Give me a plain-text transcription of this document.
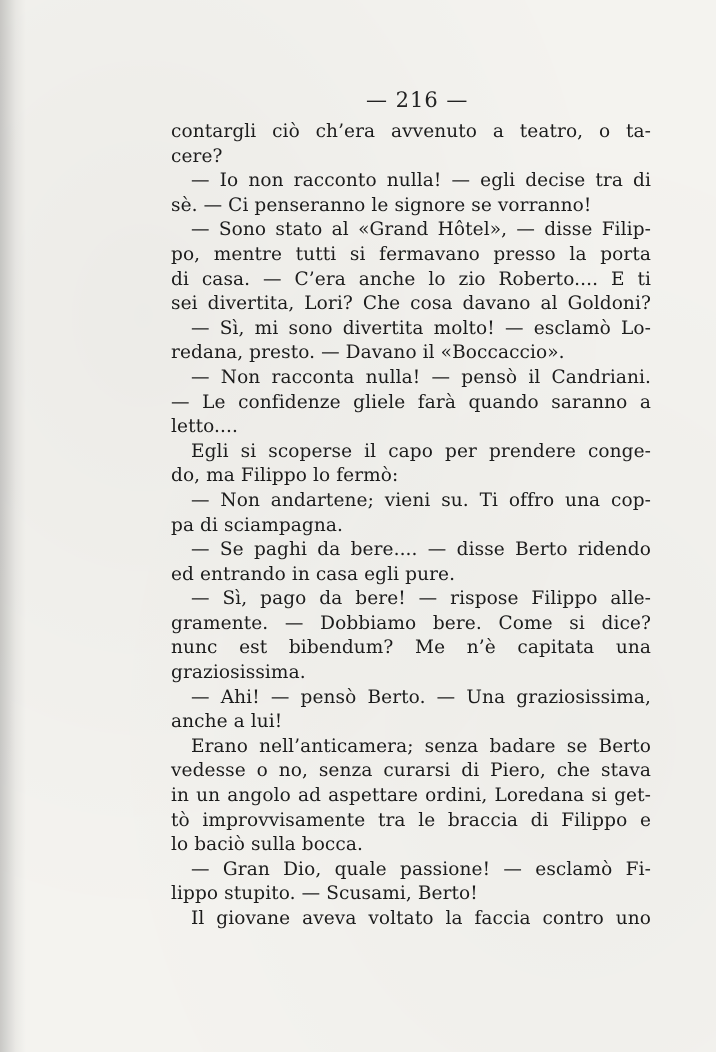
— 216 —
contargli ciò ch’era avvenuto a teatro, o ta-
cere?
— Io non racconto nulla! — egli decise tra di
sè. — Ci penseranno le signore se vorranno!
— Sono stato al «Grand Hôtel», — disse Filip-
po, mentre tutti si fermavano presso la porta
di casa. — C’era anche lo zio Roberto.... E ti
sei divertita, Lori? Che cosa davano al Goldoni?
— Sì, mi sono divertita molto! — esclamò Lo-
redana, presto. — Davano il «Boccaccio».
— Non racconta nulla! — pensò il Candriani.
— Le confidenze gliele farà quando saranno a
letto....
Egli si scoperse il capo per prendere conge-
do, ma Filippo lo fermò:
— Non andartene; vieni su. Ti offro una cop-
pa di sciampagna.
— Se paghi da bere.... — disse Berto ridendo
ed entrando in casa egli pure.
— Sì, pago da bere! — rispose Filippo alle-
gramente. — Dobbiamo bere. Come si dice?
nunc est bibendum? Me n’è capitata una
graziosissima.
— Ahi! — pensò Berto. — Una graziosissima,
anche a lui!
Erano nell’anticamera; senza badare se Berto
vedesse o no, senza curarsi di Piero, che stava
in un angolo ad aspettare ordini, Loredana si get-
tò improvvisamente tra le braccia di Filippo e
lo baciò sulla bocca.
— Gran Dio, quale passione! — esclamò Fi-
lippo stupito. — Scusami, Berto!
Il giovane aveva voltato la faccia contro uno
